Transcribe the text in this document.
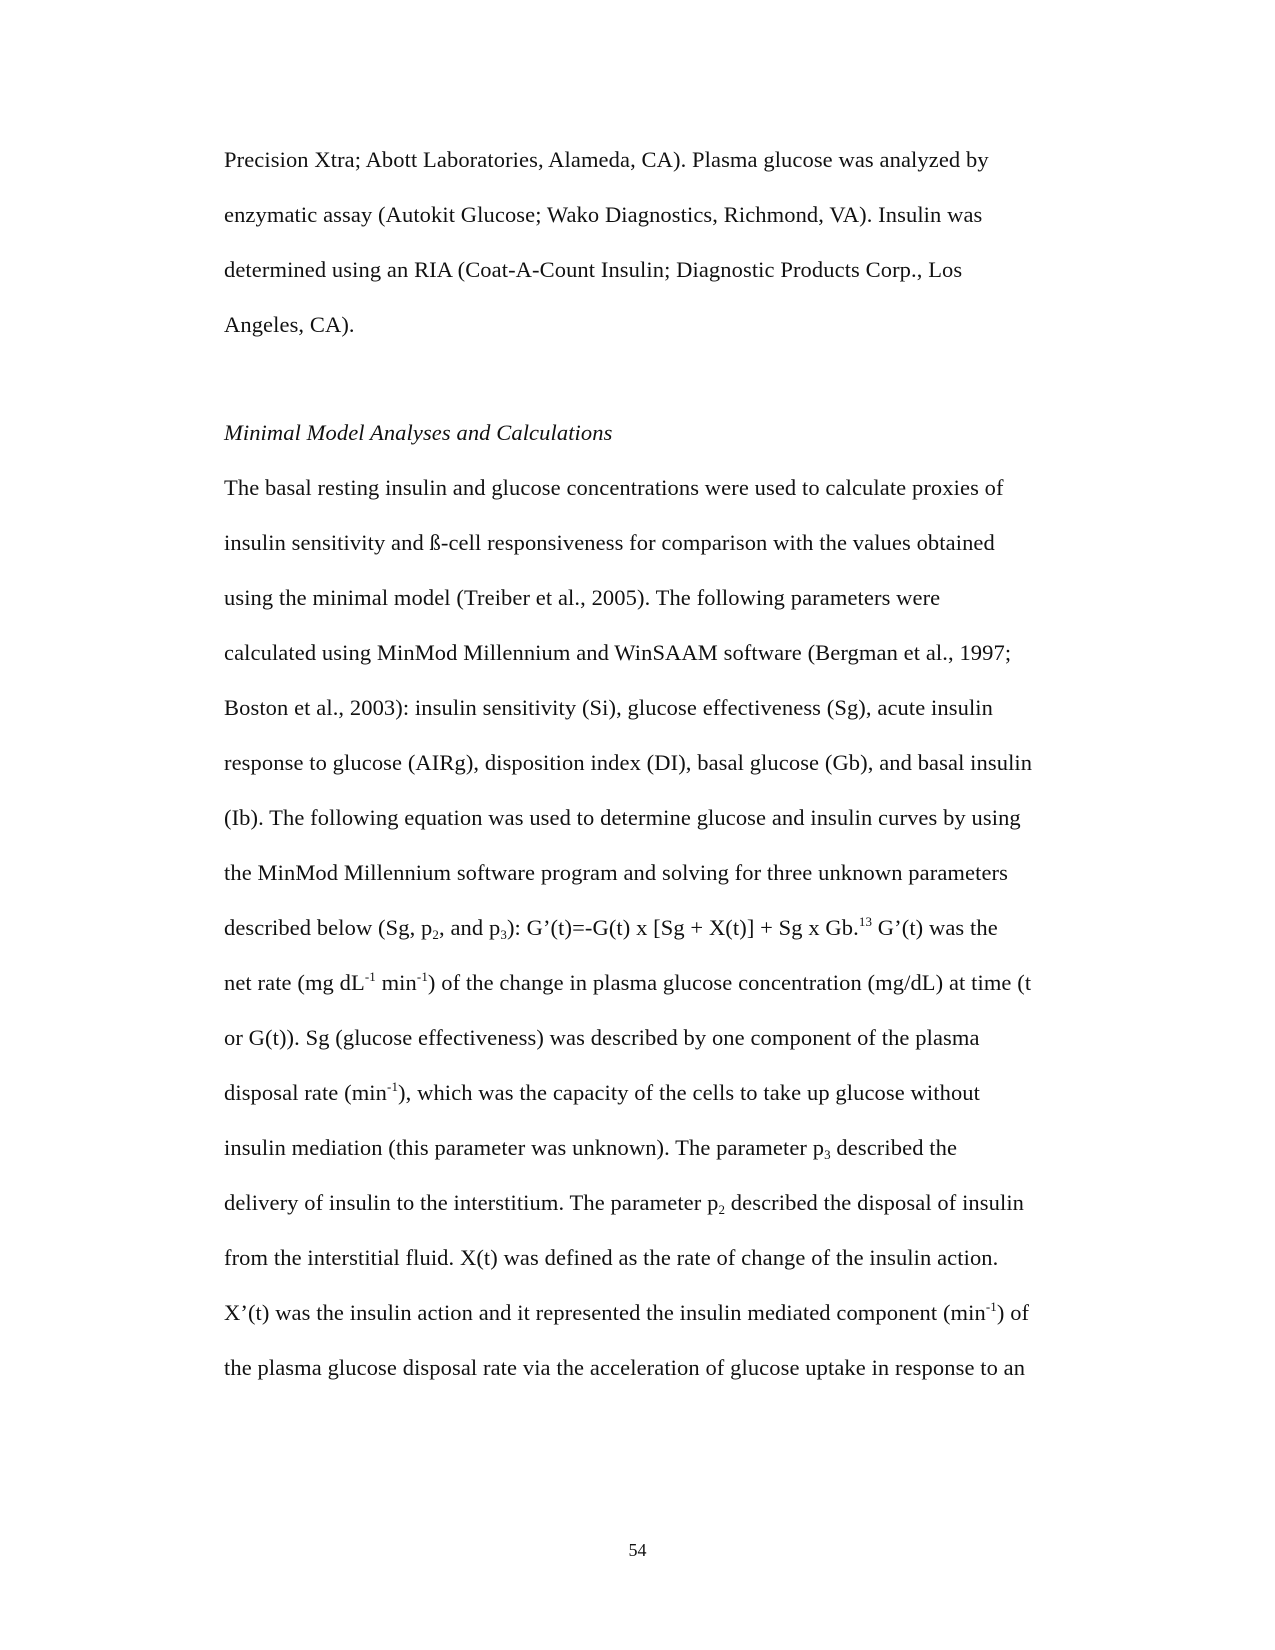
Precision Xtra; Abott Laboratories, Alameda, CA). Plasma glucose was analyzed by
enzymatic assay (Autokit Glucose; Wako Diagnostics, Richmond, VA). Insulin was
determined using an RIA (Coat-A-Count Insulin; Diagnostic Products Corp., Los
Angeles, CA).
Minimal Model Analyses and Calculations
The basal resting insulin and glucose concentrations were used to calculate proxies of
insulin sensitivity and ß-cell responsiveness for comparison with the values obtained
using the minimal model (Treiber et al., 2005). The following parameters were
calculated using MinMod Millennium and WinSAAM software (Bergman et al., 1997;
Boston et al., 2003): insulin sensitivity (Si), glucose effectiveness (Sg), acute insulin
response to glucose (AIRg), disposition index (DI), basal glucose (Gb), and basal insulin
(Ib). The following equation was used to determine glucose and insulin curves by using
the MinMod Millennium software program and solving for three unknown parameters
described below (Sg, $p_2$, and $p_3$): G’(t)=-G(t) x [Sg + X(t)] + Sg x Gb.$^{13}$ G’(t) was the
net rate (mg $dL^{-1}$ $\min^{-1}$) of the change in plasma glucose concentration (mg/dL) at time (t
or G(t)). Sg (glucose effectiveness) was described by one component of the plasma
disposal rate $(\min^{-1})$, which was the capacity of the cells to take up glucose without
insulin mediation (this parameter was unknown). The parameter $p_3$ described the
delivery of insulin to the interstitium. The parameter $p_2$ described the disposal of insulin
from the interstitial fluid. X(t) was defined as the rate of change of the insulin action.
X’(t) was the insulin action and it represented the insulin mediated component $(\min^{-1})$ of
the plasma glucose disposal rate via the acceleration of glucose uptake in response to an
54
